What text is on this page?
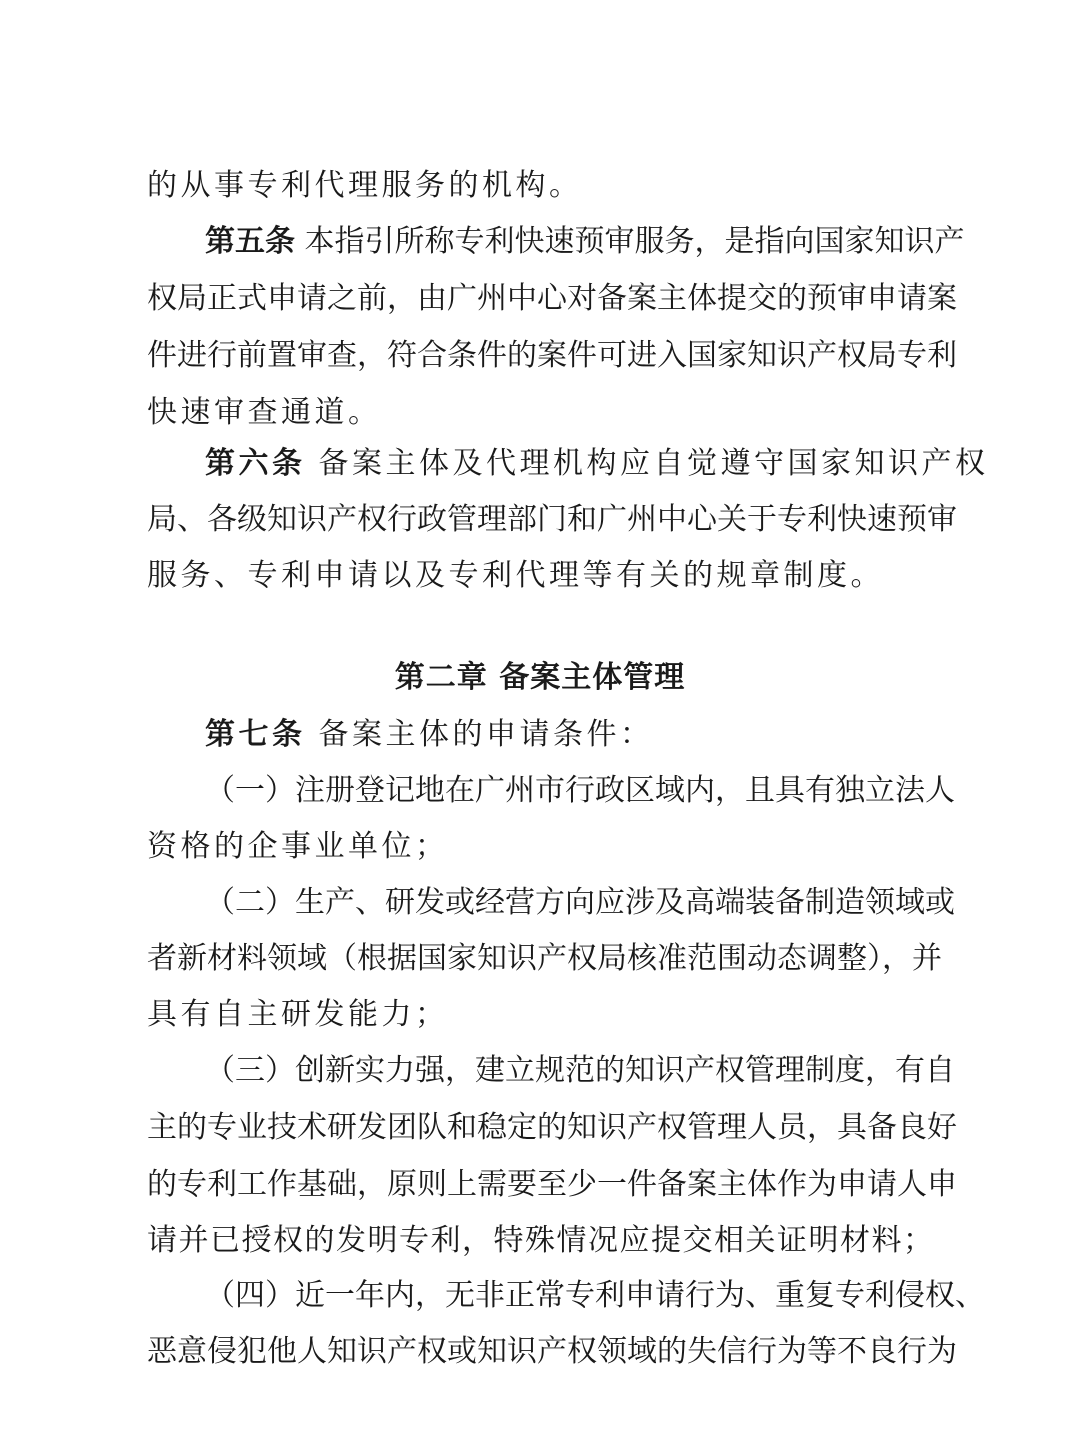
的从事专利代理服务的机构。
第五条 本指引所称专利快速预审服务，是指向国家知识产
权局正式申请之前，由广州中心对备案主体提交的预审申请案
件进行前置审查，符合条件的案件可进入国家知识产权局专利
快速审查通道。
第六条 备案主体及代理机构应自觉遵守国家知识产权
局、各级知识产权行政管理部门和广州中心关于专利快速预审
服务、专利申请以及专利代理等有关的规章制度。
第二章 备案主体管理
第七条 备案主体的申请条件：
（一）注册登记地在广州市行政区域内，且具有独立法人
资格的企事业单位；
（二）生产、研发或经营方向应涉及高端装备制造领域或
者新材料领域（根据国家知识产权局核准范围动态调整），并
具有自主研发能力；
（三）创新实力强，建立规范的知识产权管理制度，有自
主的专业技术研发团队和稳定的知识产权管理人员，具备良好
的专利工作基础，原则上需要至少一件备案主体作为申请人申
请并已授权的发明专利，特殊情况应提交相关证明材料；
（四）近一年内，无非正常专利申请行为、重复专利侵权、
恶意侵犯他人知识产权或知识产权领域的失信行为等不良行为
